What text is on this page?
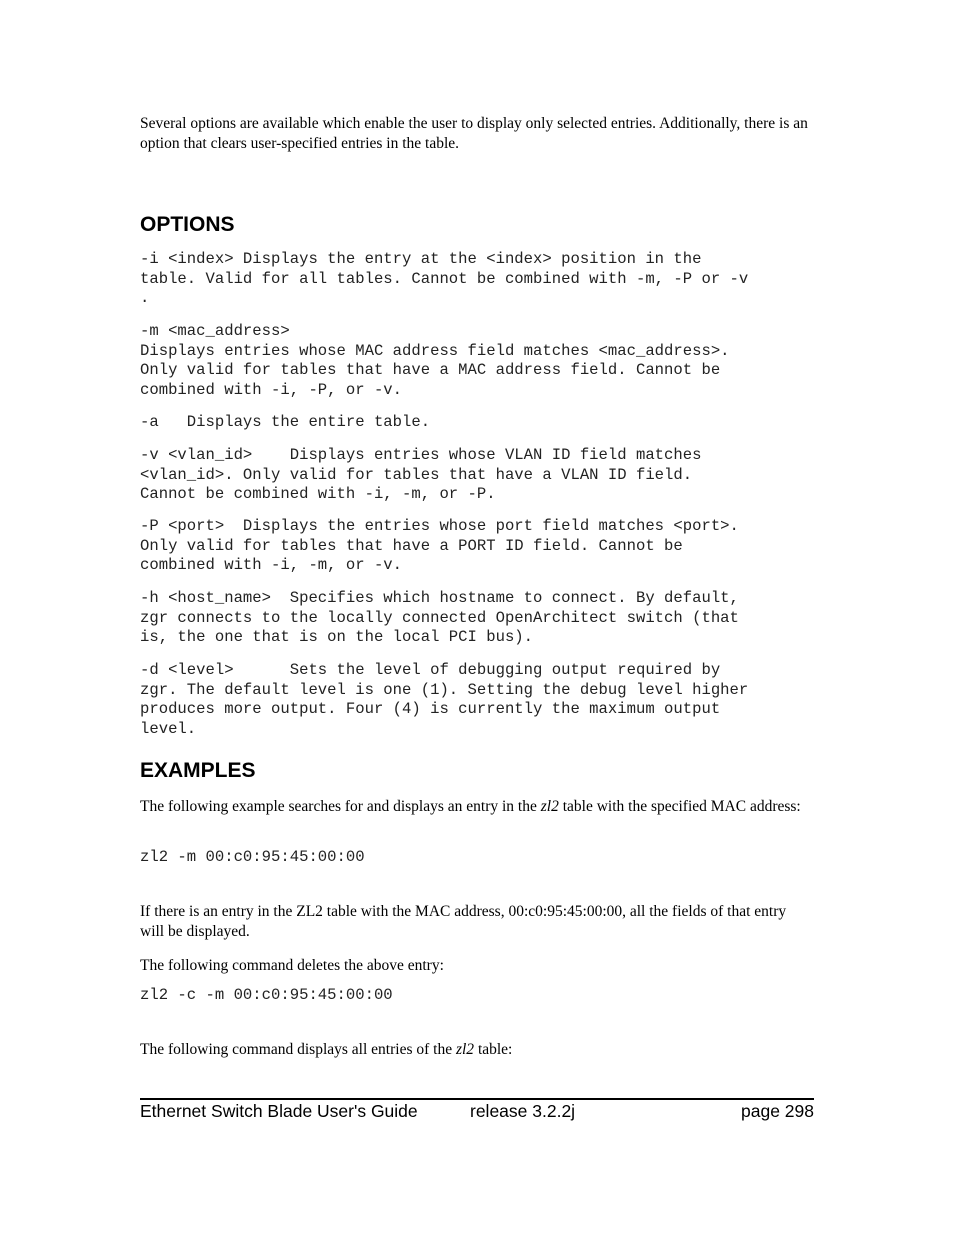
Several options are available which enable the user to display only selected entries. Additionally, there is an option that clears user-specified entries in the table.
OPTIONS
-i <index> Displays the entry at the <index> position in the
table. Valid for all tables. Cannot be combined with -m, -P or -v
.
-m <mac_address>
Displays entries whose MAC address field matches <mac_address>.
Only valid for tables that have a MAC address field. Cannot be
combined with -i, -P, or -v.
-a   Displays the entire table.
-v <vlan_id>    Displays entries whose VLAN ID field matches
<vlan_id>. Only valid for tables that have a VLAN ID field.
Cannot be combined with -i, -m, or -P.
-P <port>  Displays the entries whose port field matches <port>.
Only valid for tables that have a PORT ID field. Cannot be
combined with -i, -m, or -v.
-h <host_name>  Specifies which hostname to connect. By default,
zgr connects to the locally connected OpenArchitect switch (that
is, the one that is on the local PCI bus).
-d <level>      Sets the level of debugging output required by
zgr. The default level is one (1). Setting the debug level higher
produces more output. Four (4) is currently the maximum output
level.
EXAMPLES
The following example searches for and displays an entry in the zl2 table with the specified MAC address:
zl2 -m 00:c0:95:45:00:00
If there is an entry in the ZL2 table with the MAC address, 00:c0:95:45:00:00, all the fields of that entry will be displayed.
The following command deletes the above entry:
zl2 -c -m 00:c0:95:45:00:00
The following command displays all entries of the zl2 table:
Ethernet Switch Blade User's Guide	release 3.2.2j	page 298
